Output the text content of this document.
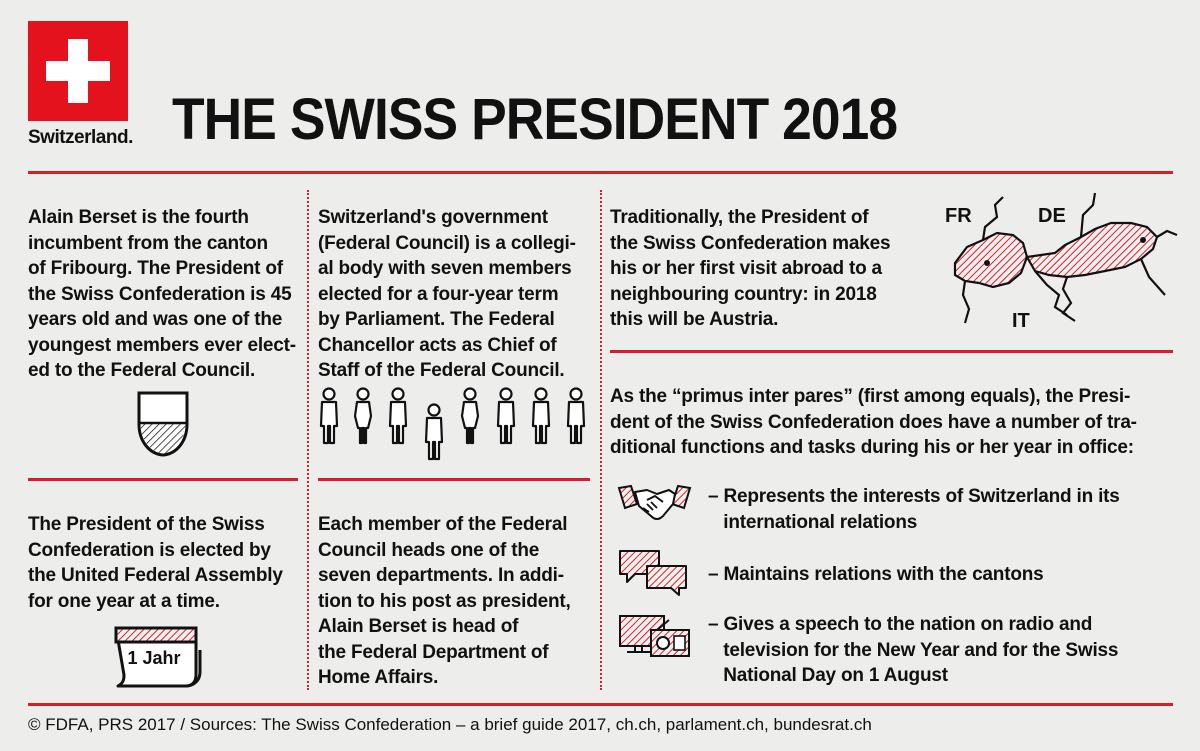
Switzerland. THE SWISS PRESIDENT 2018
Alain Berset is the fourth
incumbent from the canton
of Fribourg. The President of
the Swiss Confederation is 45
years old and was one of the
youngest members ever elect-
ed to the Federal Council.
The President of the Swiss
Confederation is elected by
the United Federal Assembly
for one year at a time.
1 Jahr
Switzerland's government
(Federal Council) is a collegi-
al body with seven members
elected for a four-year term
by Parliament. The Federal
Chancellor acts as Chief of
Staff of the Federal Council.
Each member of the Federal
Council heads one of the
seven departments. In addi-
tion to his post as president,
Alain Berset is head of
the Federal Department of
Home Affairs.
Traditionally, the President of
the Swiss Confederation makes
his or her first visit abroad to a
neighbouring country: in 2018
this will be Austria.
FR	DE
IT
As the “primus inter pares” (first among equals), the Presi-
dent of the Swiss Confederation does have a number of tra-
ditional functions and tasks during his or her year in office:
– Represents the interests of Switzerland in its
international relations
– Maintains relations with the cantons
– Gives a speech to the nation on radio and
television for the New Year and for the Swiss
National Day on 1 August
© FDFA, PRS 2017 / Sources: The Swiss Confederation – a brief guide 2017, ch.ch, parlament.ch, bundesrat.ch
